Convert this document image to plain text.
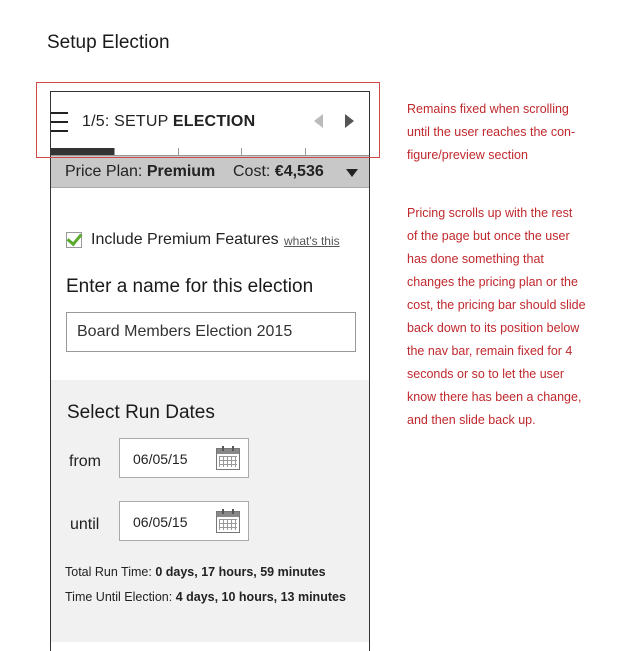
Setup Election
1/5: SETUP ELECTION
Price Plan: Premium Cost: €4,536
Include Premium Features what's this
Enter a name for this election
Board Members Election 2015
Select Run Dates
from 06/05/15
until 06/05/15
Total Run Time: 0 days, 17 hours, 59 minutes
Time Until Election: 4 days, 10 hours, 13 minutes
Remains fixed when scrolling
until the user reaches the con-
figure/preview section
Pricing scrolls up with the rest
of the page but once the user
has done something that
changes the pricing plan or the
cost, the pricing bar should slide
back down to its position below
the nav bar, remain fixed for 4
seconds or so to let the user
know there has been a change,
and then slide back up.
